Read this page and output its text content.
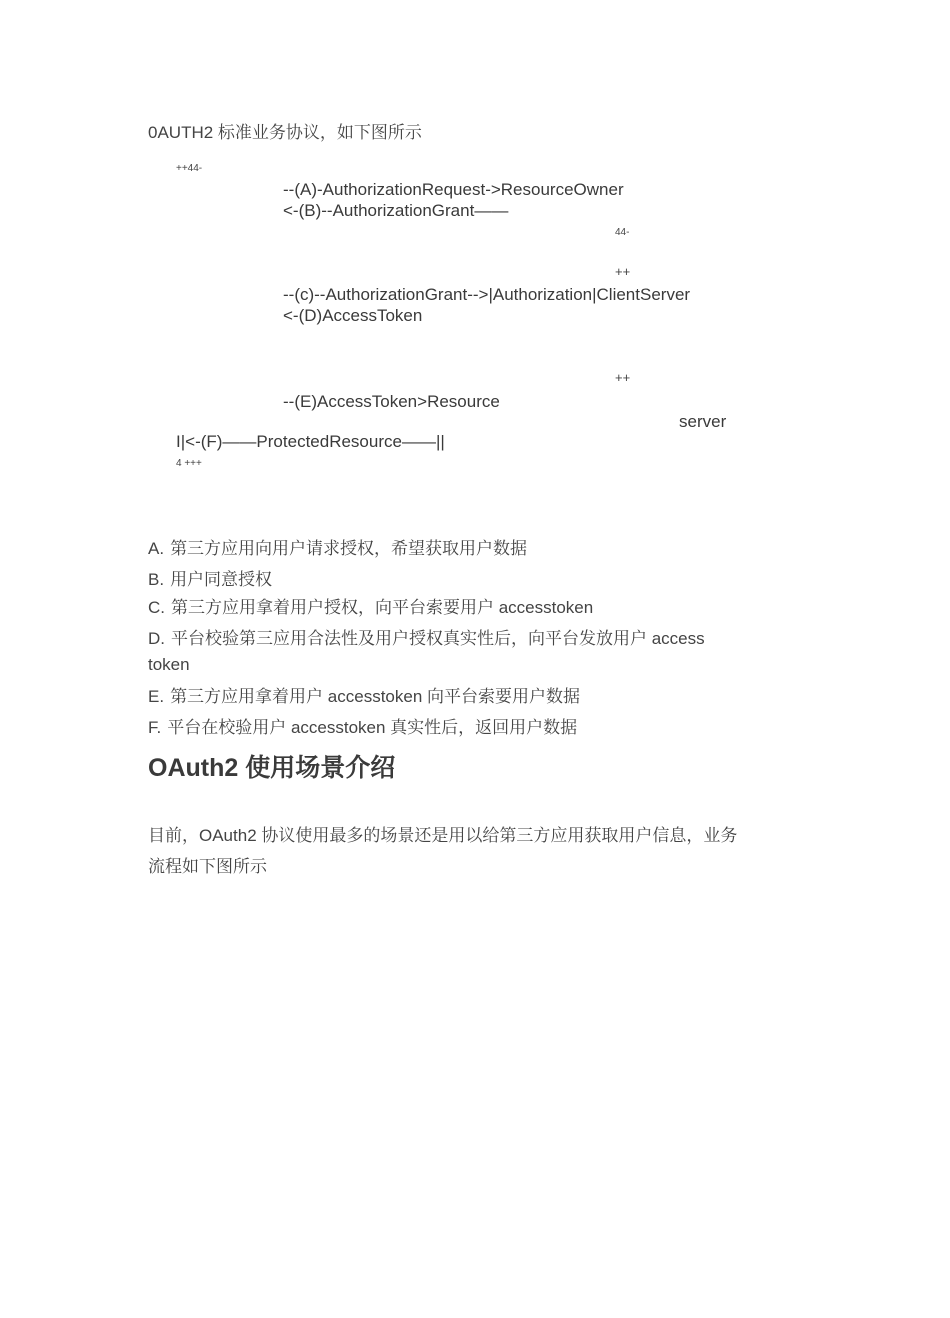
0AUTH2 标准业务协议，如下图所示
++44-
--(A)-AuthorizationRequest->ResourceOwner
<-(B)--AuthorizationGrant——
44-
++
--(c)--AuthorizationGrant-->|Authorization|ClientServer
<-(D)AccessToken
++
--(E)AccessToken>Resource
server
I|<-(F)——ProtectedResource——||
4 +++
A. 第三方应用向用户请求授权，希望获取用户数据
B. 用户同意授权
C. 第三方应用拿着用户授权，向平台索要用户 accesstoken
D. 平台校验第三应用合法性及用户授权真实性后，向平台发放用户 access
token
E. 第三方应用拿着用户 accesstoken 向平台索要用户数据
F. 平台在校验用户 accesstoken 真实性后，返回用户数据
OAuth2 使用场景介绍
目前，OAuth2 协议使用最多的场景还是用以给第三方应用获取用户信息，业务
流程如下图所示
